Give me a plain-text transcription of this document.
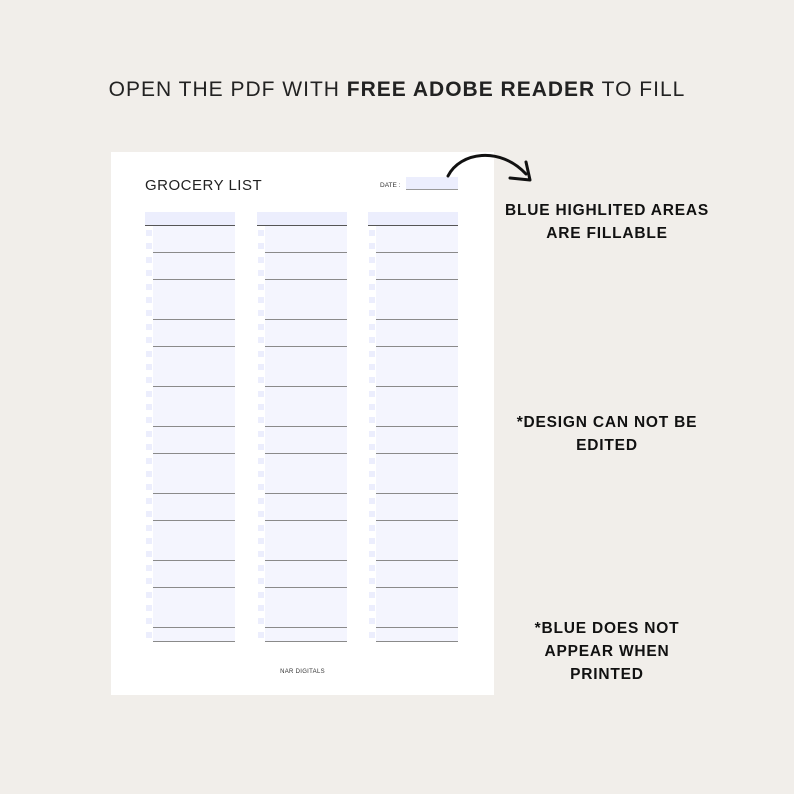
OPEN THE PDF WITH FREE ADOBE READER TO FILL
GROCERY LIST	DATE :
NAR DIGITALS
BLUE HIGHLITED AREAS
ARE FILLABLE
*DESIGN CAN NOT BE
EDITED
*BLUE DOES NOT
APPEAR WHEN
PRINTED
